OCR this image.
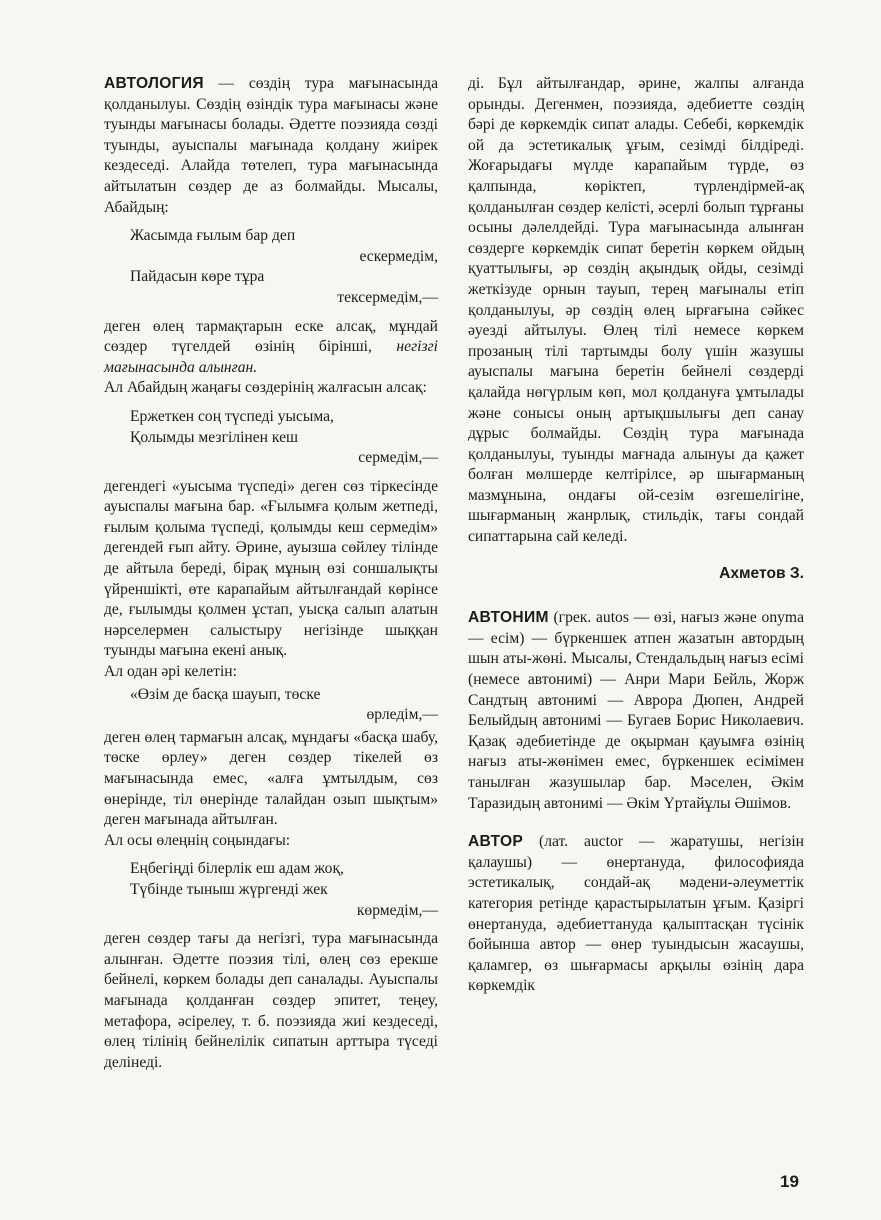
АВТОЛОГИЯ — сөздің тура мағынасында қолданылуы. Сөздің өзіндік тура мағынасы және туынды мағынасы болады. Әдетте поэзияда сөзді туынды, ауыспалы мағынада қолдану жиірек кездеседі. Алайда төтелеп, тура мағынасында айтылатын сөздер де аз болмайды. Мысалы, Абайдың:

Жасымда ғылым бар деп
ескермедім,
Пайдасын көре тұра
тексермедім,—

деген өлең тармақтарын еске алсақ, мұндай сөздер түгелдей өзінің бірінші, негізгі мағынасында алынған.

Ал Абайдың жаңағы сөздерінің жалғасын алсақ:

Ержеткен соң түспеді уысыма,
Қолымды мезгілінен кеш
сермедім,—

дегендегі «уысыма түспеді» деген сөз тіркесінде ауыспалы мағына бар. «Ғылымға қолым жетпеді, ғылым қолыма түспеді, қолымды кеш сермедім» дегендей ғып айту. Әрине, ауызша сөйлеу тілінде де айтыла береді, бірақ мұның өзі соншалықты үйреншікті, өте карапайым айтылғандай көрінсе де, ғылымды қолмен ұстап, уысқа салып алатын нәрселермен салыстыру негізінде шыққан туынды мағына екені анық.

Ал одан әрі келетін:

«Өзім де басқа шауып, төске
өрледім,—

деген өлең тармағын алсақ, мұндағы «басқа шабу, төске өрлеу» деген сөздер тікелей өз мағынасында емес, «алға ұмтылдым, сөз өнерінде, тіл өнерінде талайдан озып шықтым» деген мағынада айтылған.

Ал осы өлеңнің соңындағы:

Еңбегіңді білерлік еш адам жоқ,
Түбінде тыныш жүргенді жек
көрмедім,—

деген сөздер тағы да негізгі, тура мағынасында алынған. Әдетте поэзия тілі, өлең сөз ерекше бейнелі, көркем болады деп саналады. Ауыспалы мағынада қолданған сөздер эпитет, теңеу, метафора, әсірелеу, т. б. поэзияда жиі кездеседі, өлең тілінің бейнелілік сипатын арттыра түседі делінеді.

ді. Бұл айтылғандар, әрине, жалпы алғанда орынды. Дегенмен, поэзияда, әдебиетте сөздің бәрі де көркемдік сипат алады. Себебі, көркемдік ой да эстетикалық ұғым, сезімді білдіреді. Жоғарыдағы мүлде карапайым түрде, өз қалпында, көріктеп, түрлендірмей-ақ қолданылған сөздер келісті, әсерлі болып тұрғаны осыны дәлелдейді. Тура мағынасында алынған сөздерге көркемдік сипат беретін көркем ойдың қуаттылығы, әр сөздің ақындық ойды, сезімді жеткізуде орнын тауып, терең мағыналы етіп қолданылуы, әр сөздің өлең ырғағына сәйкес әуезді айтылуы. Өлең тілі немесе көркем прозаның тілі тартымды болу үшін жазушы ауыспалы мағына беретін бейнелі сөздерді қалайда нөгүрлым көп, мол қолдануға ұмтылады және сонысы оның артықшылығы деп санау дұрыс болмайды. Сөздің тура мағынада қолданылуы, туынды мағнада алынуы да қажет болған мөлшерде келтірілсе, әр шығарманың мазмұнына, ондағы ой-сезім өзгешелігіне, шығарманың жанрлық, стильдік, тағы сондай сипаттарына сай келеді.

Ахметов З.

АВТОНИМ (грек. autos — өзі, нағыз және onyma — есім) — бүркеншек атпен жазатын автордың шын аты-жөні. Мысалы, Стендальдың нағыз есімі (немесе автонимі) — Анри Мари Бейль, Жорж Сандтың автонимі — Аврора Дюпен, Андрей Белыйдың автонимі — Бугаев Борис Николаевич. Қазақ әдебиетінде де оқырман қауымға өзінің нағыз аты-жөнімен емес, бүркеншек есімімен танылған жазушылар бар. Мәселен, Әкім Таразидың автонимі — Әкім Үртайұлы Әшімов.

АВТОР (лат. auctor — жаратушы, негізін қалаушы) — өнертануда, философияда эстетикалық, сондай-ақ мәдени-әлеуметтік категория ретінде қарастырылатын ұғым. Қазіргі өнертануда, әдебиеттануда қалыптасқан түсінік бойынша автор — өнер туындысын жасаушы, қаламгер, өз шығармасы арқылы өзінің дара көркемдік

19
